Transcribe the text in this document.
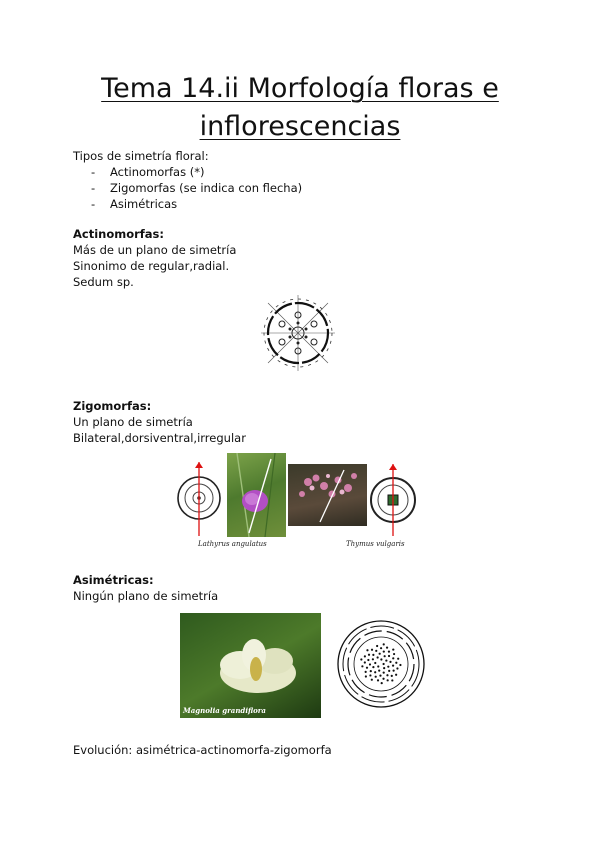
Tema 14.ii Morfología floras e
inflorescencias
Tipos de simetría floral:
- Actinomorfas (*)
- Zigomorfas (se indica con flecha)
- Asimétricas
Actinomorfas:
Más de un plano de simetría
Sinonimo de regular,radial.
Sedum sp.
Zigomorfas:
Un plano de simetría
Bilateral,dorsiventral,irregular
Lathyrus angulatus	Thymus vulgaris
Asimétricas:
Ningún plano de simetría
Magnolia grandiflora
Evolución: asimétrica-actinomorfa-zigomorfa
